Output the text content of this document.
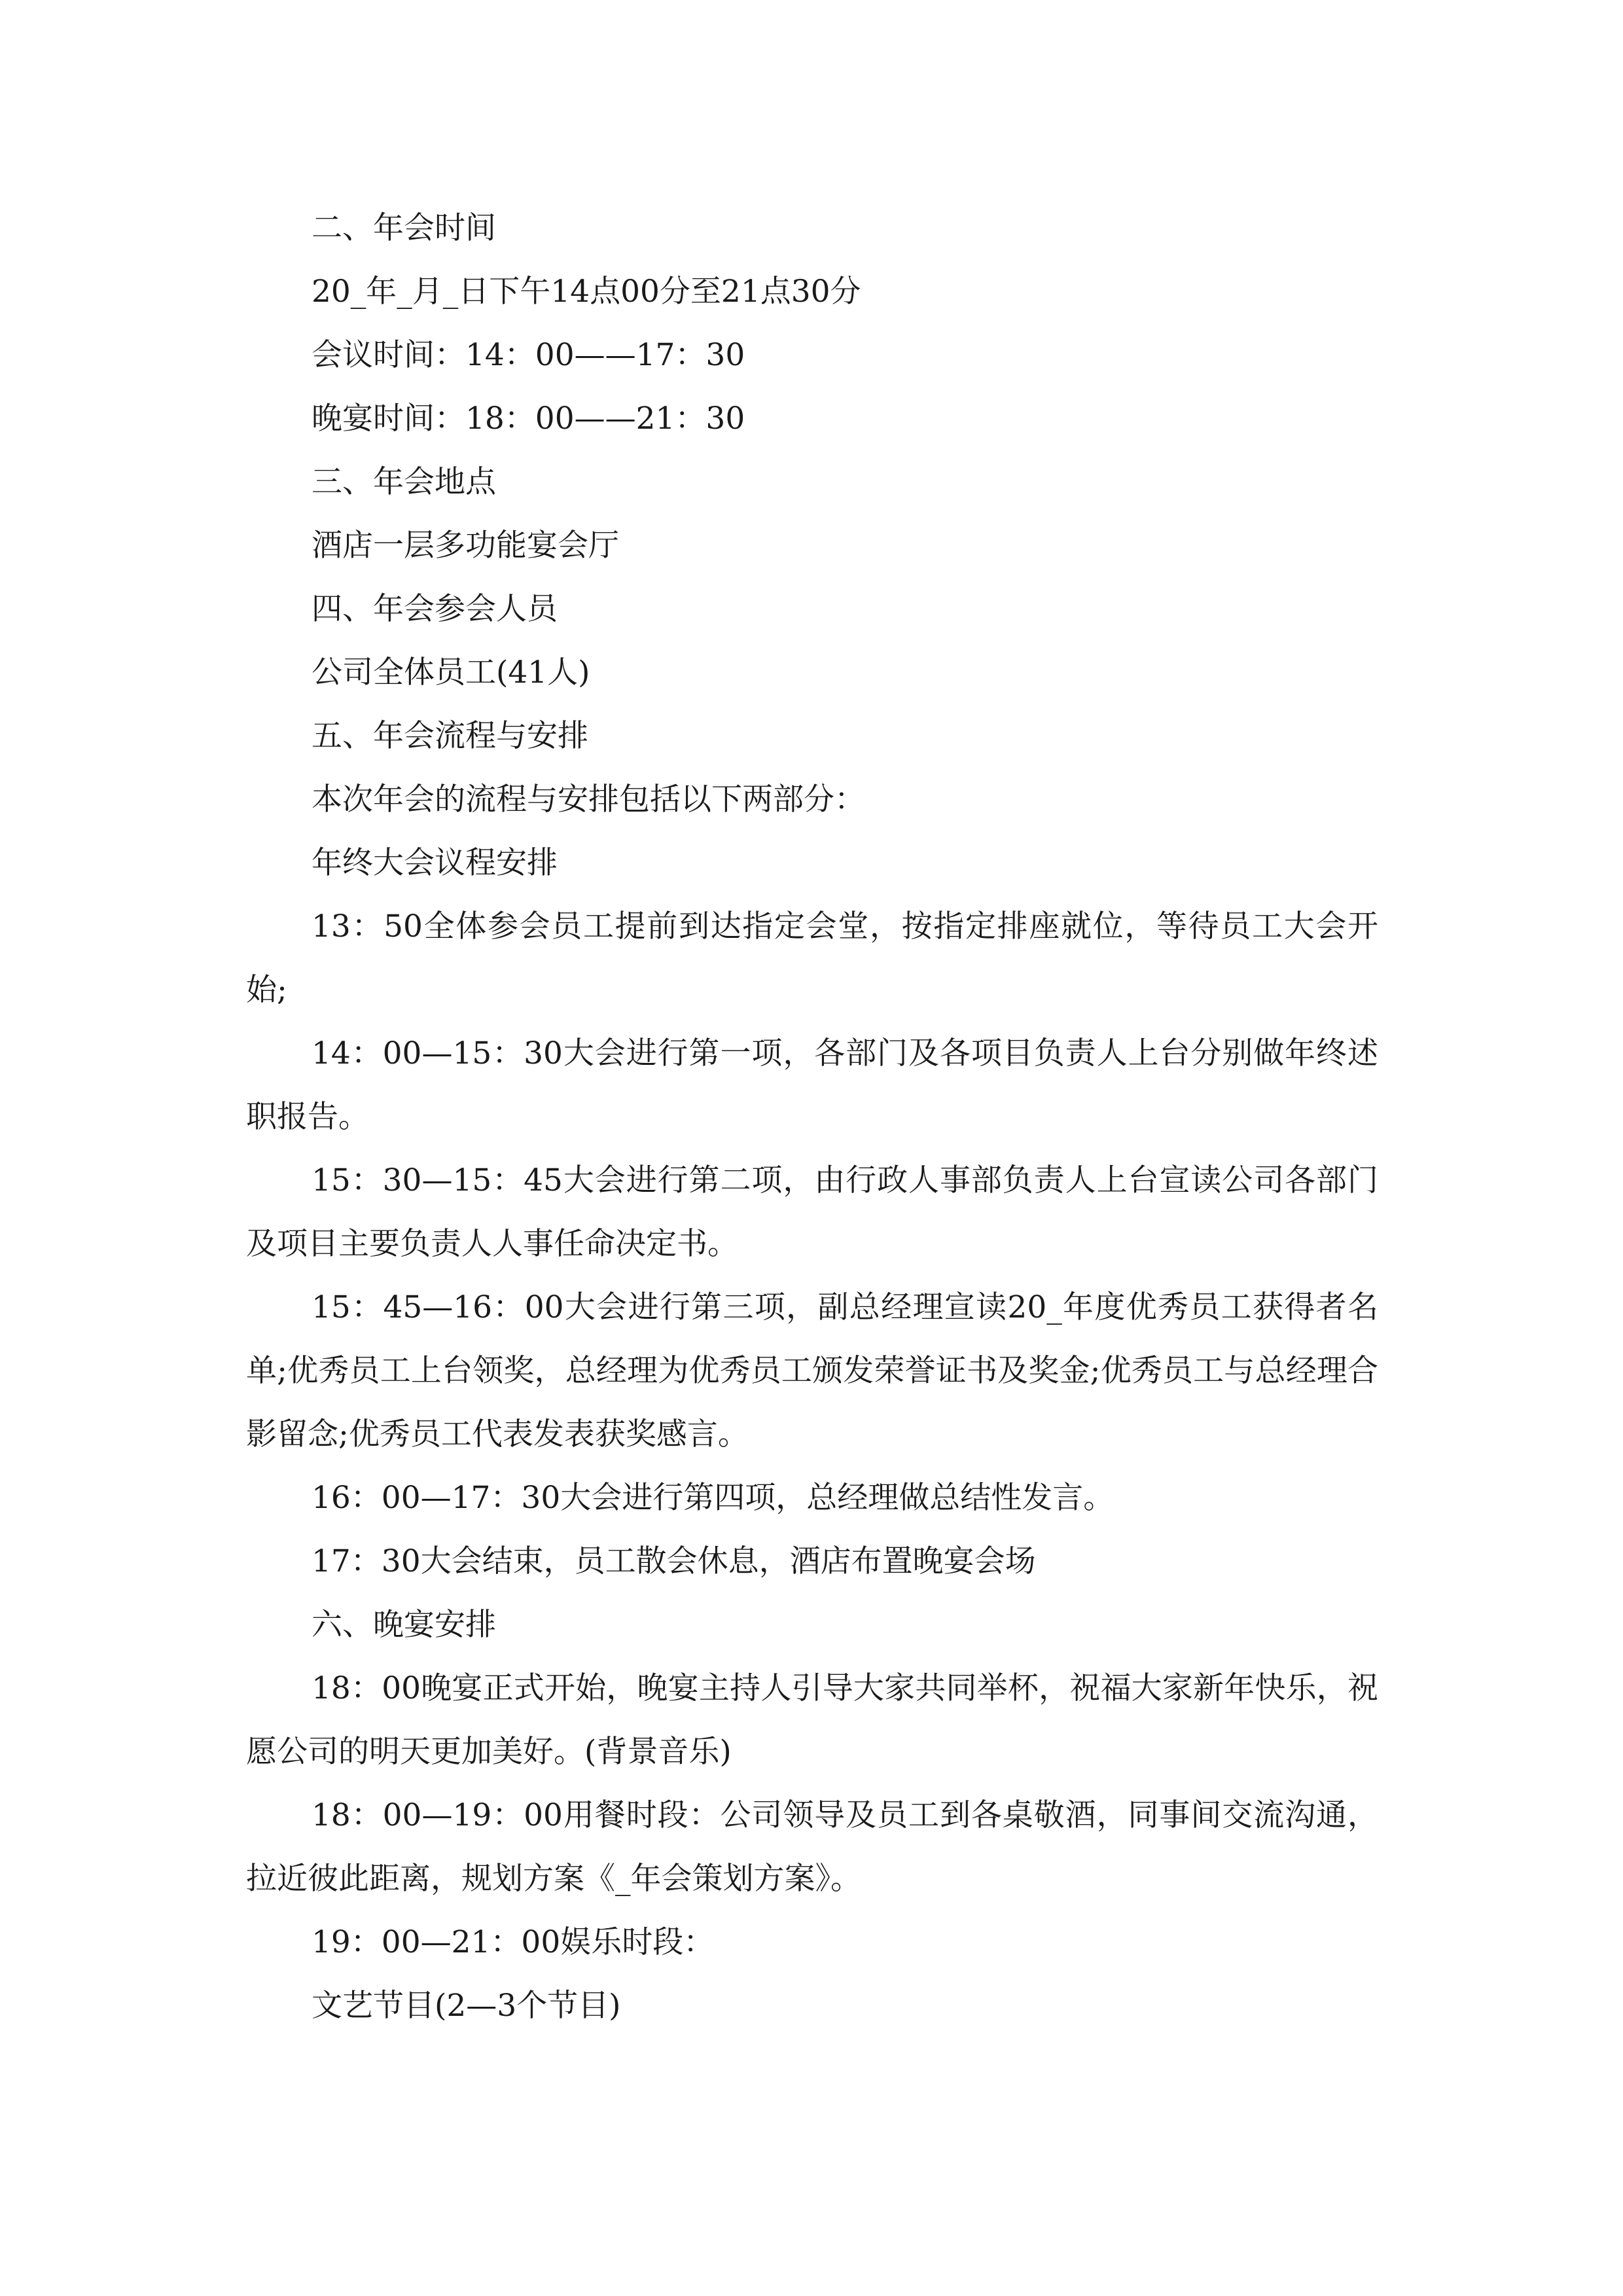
二、年会时间

20_年_月_日下午14点00分至21点30分

会议时间：14：00——17：30

晚宴时间：18：00——21：30

三、年会地点

酒店一层多功能宴会厅

四、年会参会人员

公司全体员工(41人)

五、年会流程与安排

本次年会的流程与安排包括以下两部分：

年终大会议程安排

13：50全体参会员工提前到达指定会堂，按指定排座就位，等待员工大会开始;

14：00—15：30大会进行第一项，各部门及各项目负责人上台分别做年终述职报告。

15：30—15：45大会进行第二项，由行政人事部负责人上台宣读公司各部门及项目主要负责人人事任命决定书。

15：45—16：00大会进行第三项，副总经理宣读20_年度优秀员工获得者名单;优秀员工上台领奖，总经理为优秀员工颁发荣誉证书及奖金;优秀员工与总经理合影留念;优秀员工代表发表获奖感言。

16：00—17：30大会进行第四项，总经理做总结性发言。

17：30大会结束，员工散会休息，酒店布置晚宴会场

六、晚宴安排

18：00晚宴正式开始，晚宴主持人引导大家共同举杯，祝福大家新年快乐，祝愿公司的明天更加美好。(背景音乐)

18：00—19：00用餐时段：公司领导及员工到各桌敬酒，同事间交流沟通，拉近彼此距离，规划方案《_年会策划方案》。

19：00—21：00娱乐时段：

文艺节目(2—3个节目)
